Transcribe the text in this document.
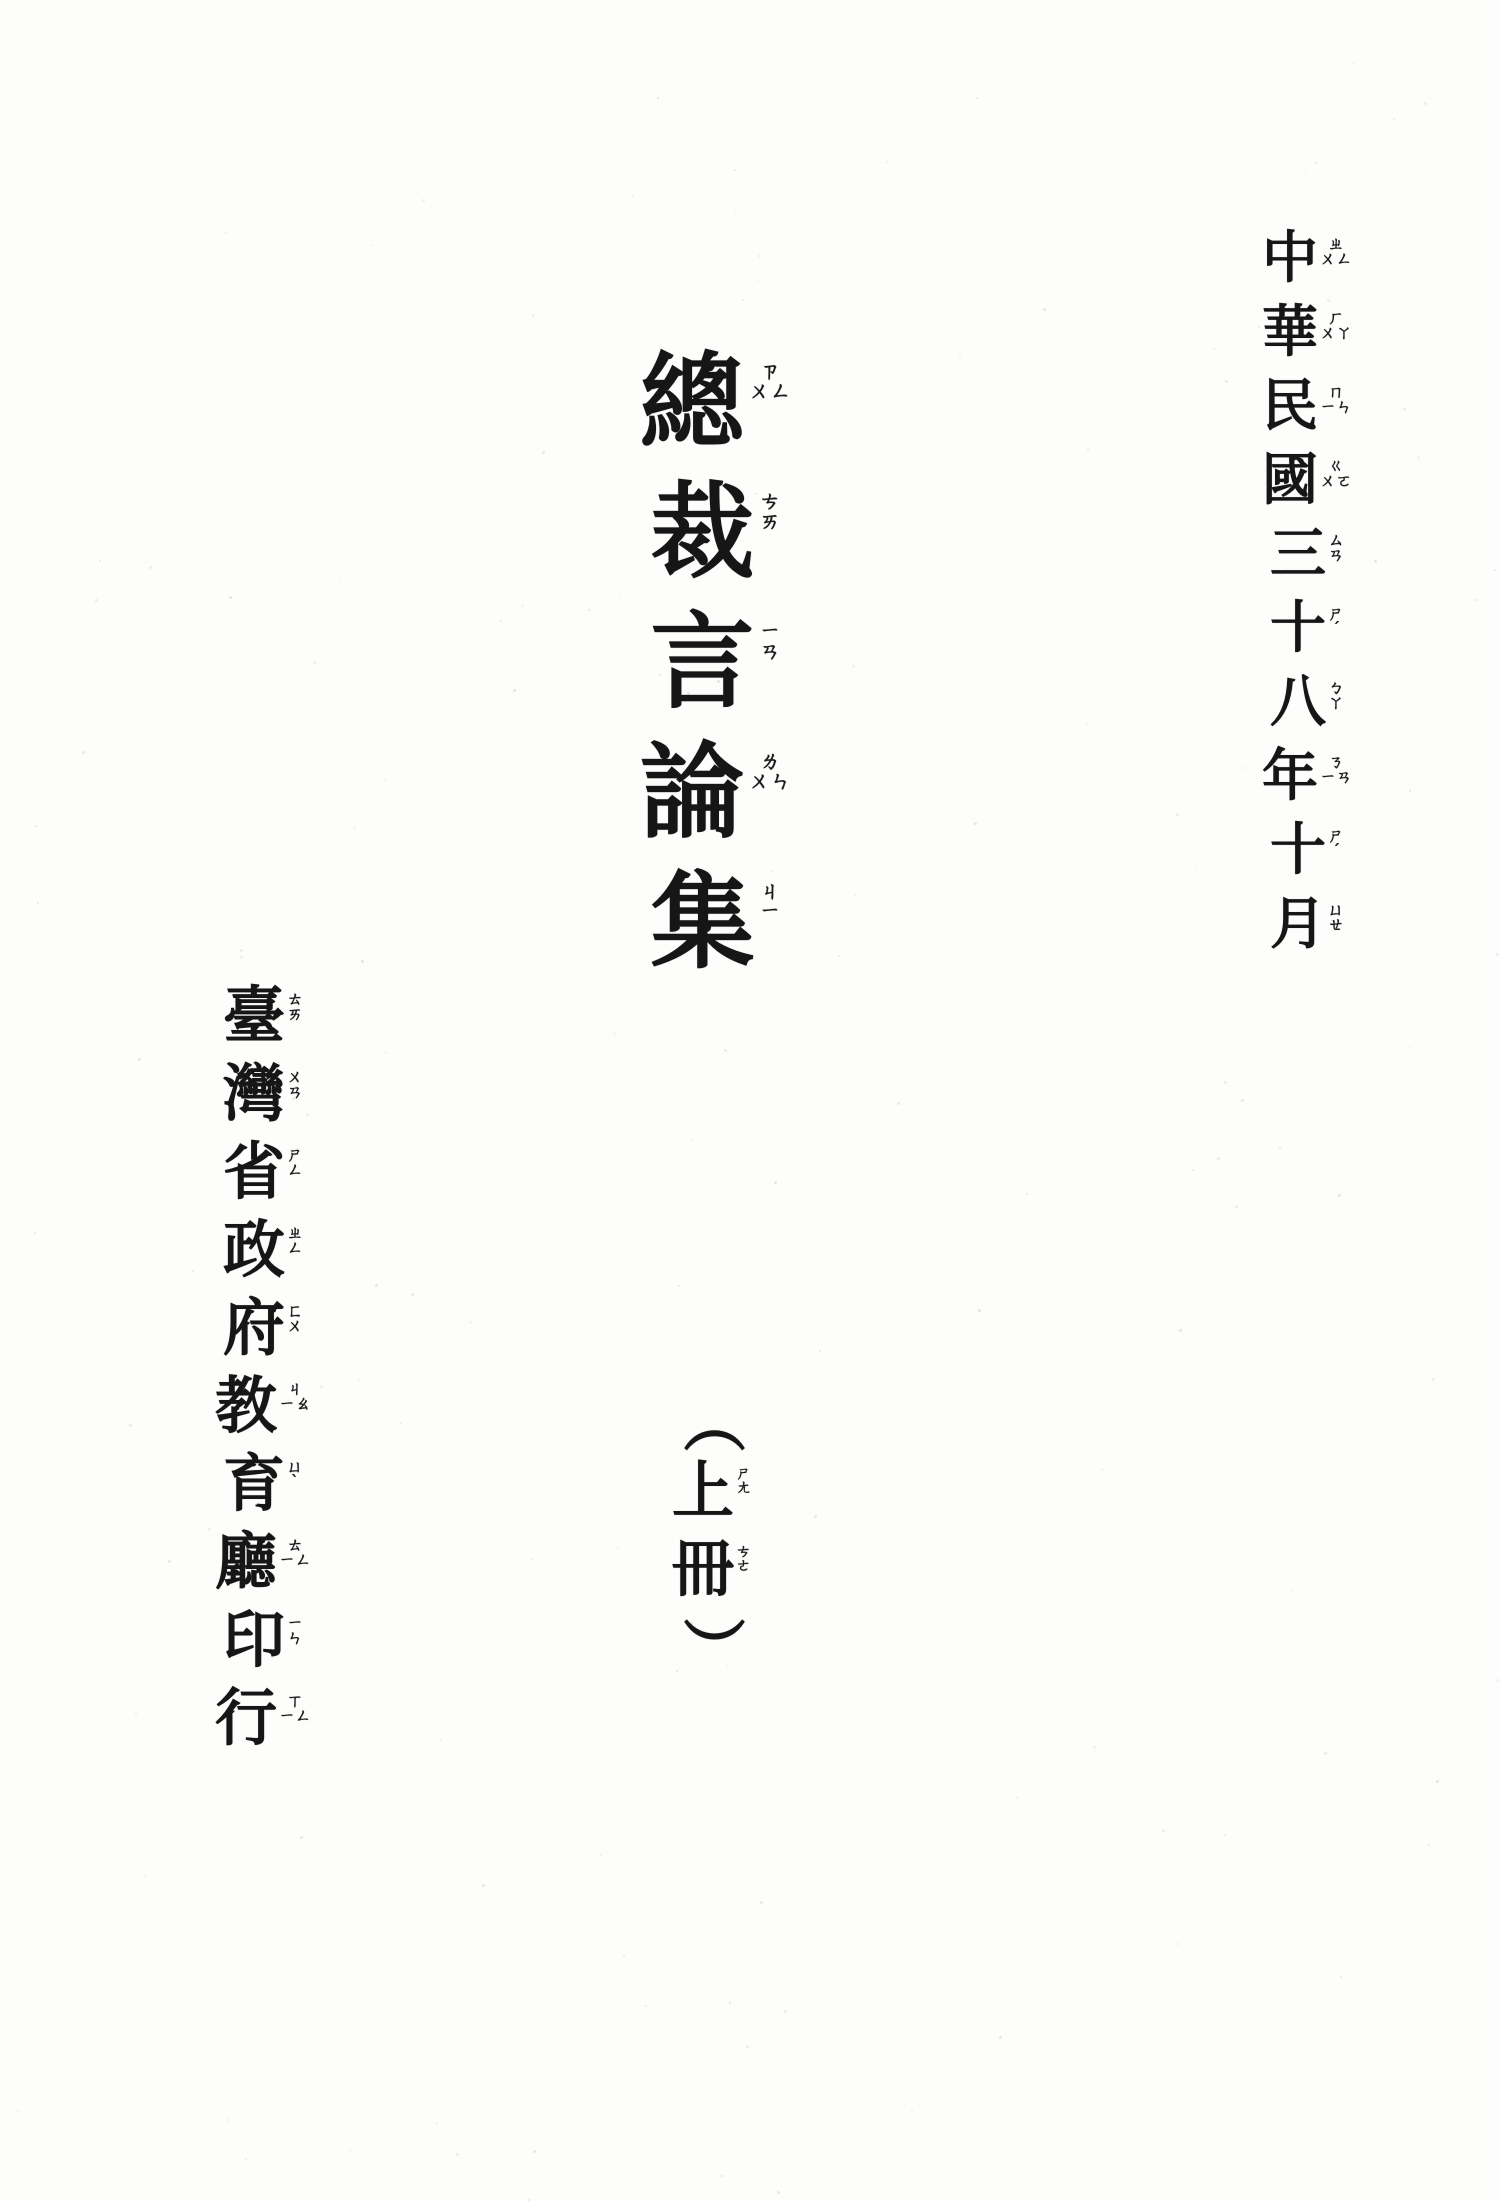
中 ㄓ
ㄨㄥ
華 ㄏ
ㄨㄚ
民 ㄇ
ㄧㄣ
國 ㄍ
ㄨㄛ
三 ㄙ
ㄢ
十 ㄕ
ˊ
八 ㄅ
ㄚ
年 ㄋ
ㄧㄢ
十 ㄕ
ˊ
月 ㄩ
ㄝ
總 ㄗ
ㄨㄥ
裁 ㄘ
ㄞ
言 ㄧ
ㄢ
論 ㄌ
ㄨㄣ
集 ㄐ
ㄧ
（
上 ㄕ
ㄤ
冊 ㄘ
ㄜ
）
臺 ㄊ
ㄞ
灣 ㄨ
ㄢ
省 ㄕ
ㄥ
政 ㄓ
ㄥ
府 ㄈ
ㄨ
教 ㄐ
ㄧㄠ
育 ㄩ
ˋ
廳 ㄊ
ㄧㄥ
印 ㄧ
ㄣ
行 ㄒ
ㄧㄥ
